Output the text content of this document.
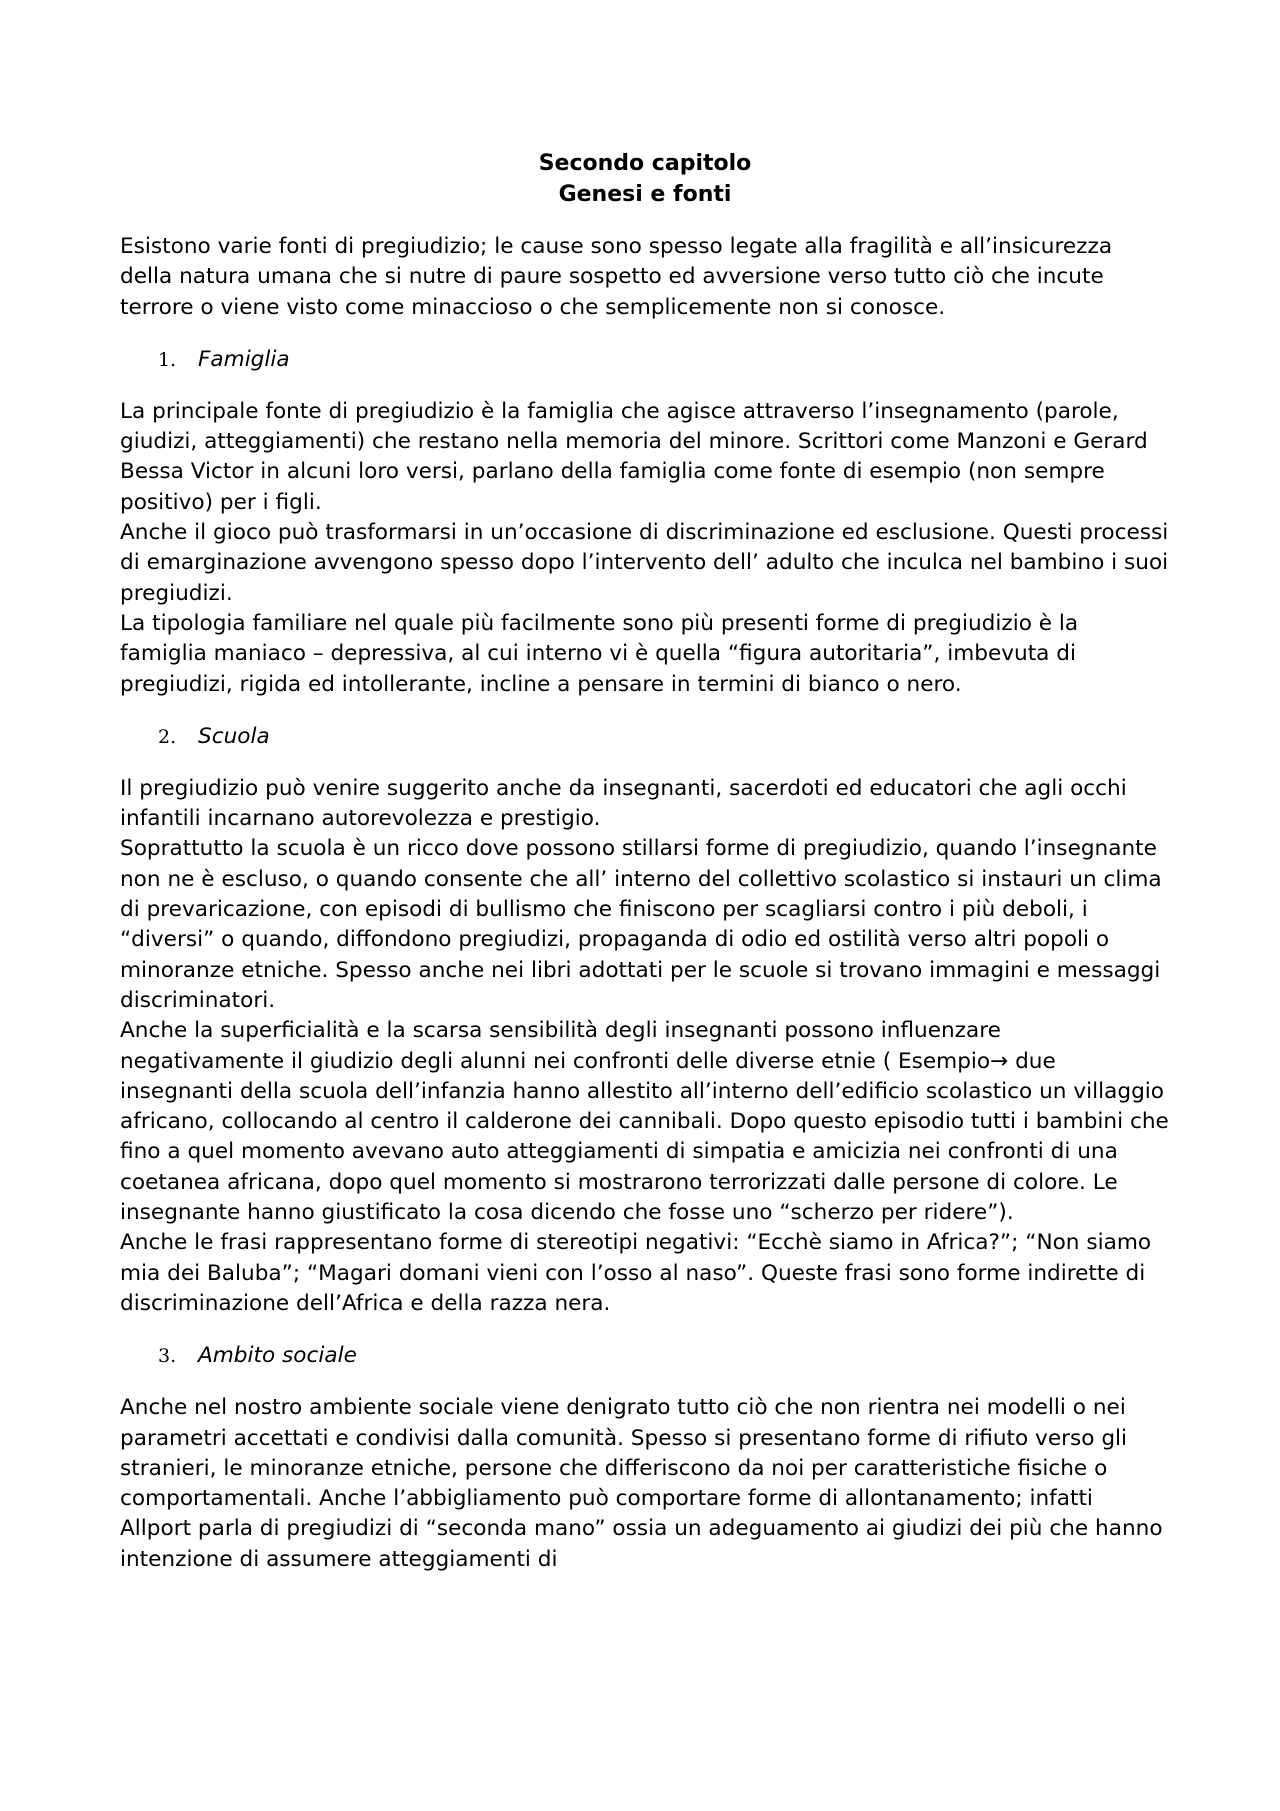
Secondo capitolo
Genesi e fonti

Esistono varie fonti di pregiudizio; le cause sono spesso legate alla fragilità e all’insicurezza della natura umana che si nutre di paure sospetto ed avversione verso tutto ciò che incute terrore o viene visto come minaccioso o che semplicemente non si conosce.

1.	Famiglia

La principale fonte di pregiudizio è la famiglia che agisce attraverso l’insegnamento (parole, giudizi, atteggiamenti) che restano nella memoria del minore. Scrittori come Manzoni e Gerard Bessa Victor in alcuni loro versi, parlano della famiglia come fonte di esempio (non sempre positivo) per i figli.

Anche il gioco può trasformarsi in un’occasione di discriminazione ed esclusione. Questi processi di emarginazione avvengono spesso dopo l’intervento dell’ adulto che inculca nel bambino i suoi pregiudizi.

La tipologia familiare nel quale più facilmente sono più presenti forme di pregiudizio è la famiglia maniaco – depressiva, al cui interno vi è quella “figura autoritaria”, imbevuta di pregiudizi, rigida ed intollerante, incline a pensare in termini di bianco o nero.

2.	Scuola

Il pregiudizio può venire suggerito anche da insegnanti, sacerdoti ed educatori che agli occhi infantili incarnano autorevolezza e prestigio.

Soprattutto la scuola è un ricco dove possono stillarsi forme di pregiudizio, quando l’insegnante non ne è escluso, o quando consente che all’ interno del collettivo scolastico si instauri un clima di prevaricazione, con episodi di bullismo che finiscono per scagliarsi contro i più deboli, i “diversi” o quando, diffondono pregiudizi, propaganda di odio ed ostilità verso altri popoli o minoranze etniche. Spesso anche nei libri adottati per le scuole si trovano immagini e messaggi discriminatori.

Anche la superficialità e la scarsa sensibilità degli insegnanti possono influenzare negativamente il giudizio degli alunni nei confronti delle diverse etnie ( Esempio→ due insegnanti della scuola dell’infanzia hanno allestito all’interno dell’edificio scolastico un villaggio africano, collocando al centro il calderone dei cannibali. Dopo questo episodio tutti i bambini che fino a quel momento avevano auto atteggiamenti di simpatia e amicizia nei confronti di una coetanea africana, dopo quel momento si mostrarono terrorizzati dalle persone di colore. Le insegnante hanno giustificato la cosa dicendo che fosse uno “scherzo per ridere”).

Anche le frasi rappresentano forme di stereotipi negativi: “Ecchè siamo in Africa?”; “Non siamo mia dei Baluba”; “Magari domani vieni con l’osso al naso”. Queste frasi sono forme indirette di discriminazione dell’Africa e della razza nera.

3.	Ambito sociale

Anche nel nostro ambiente sociale viene denigrato tutto ciò che non rientra nei modelli o nei parametri accettati e condivisi dalla comunità. Spesso si presentano forme di rifiuto verso gli stranieri, le minoranze etniche, persone che differiscono da noi per caratteristiche fisiche o comportamentali. Anche l’abbigliamento può comportare forme di allontanamento; infatti Allport parla di pregiudizi di “seconda mano” ossia un adeguamento ai giudizi dei più che hanno intenzione di assumere atteggiamenti di
